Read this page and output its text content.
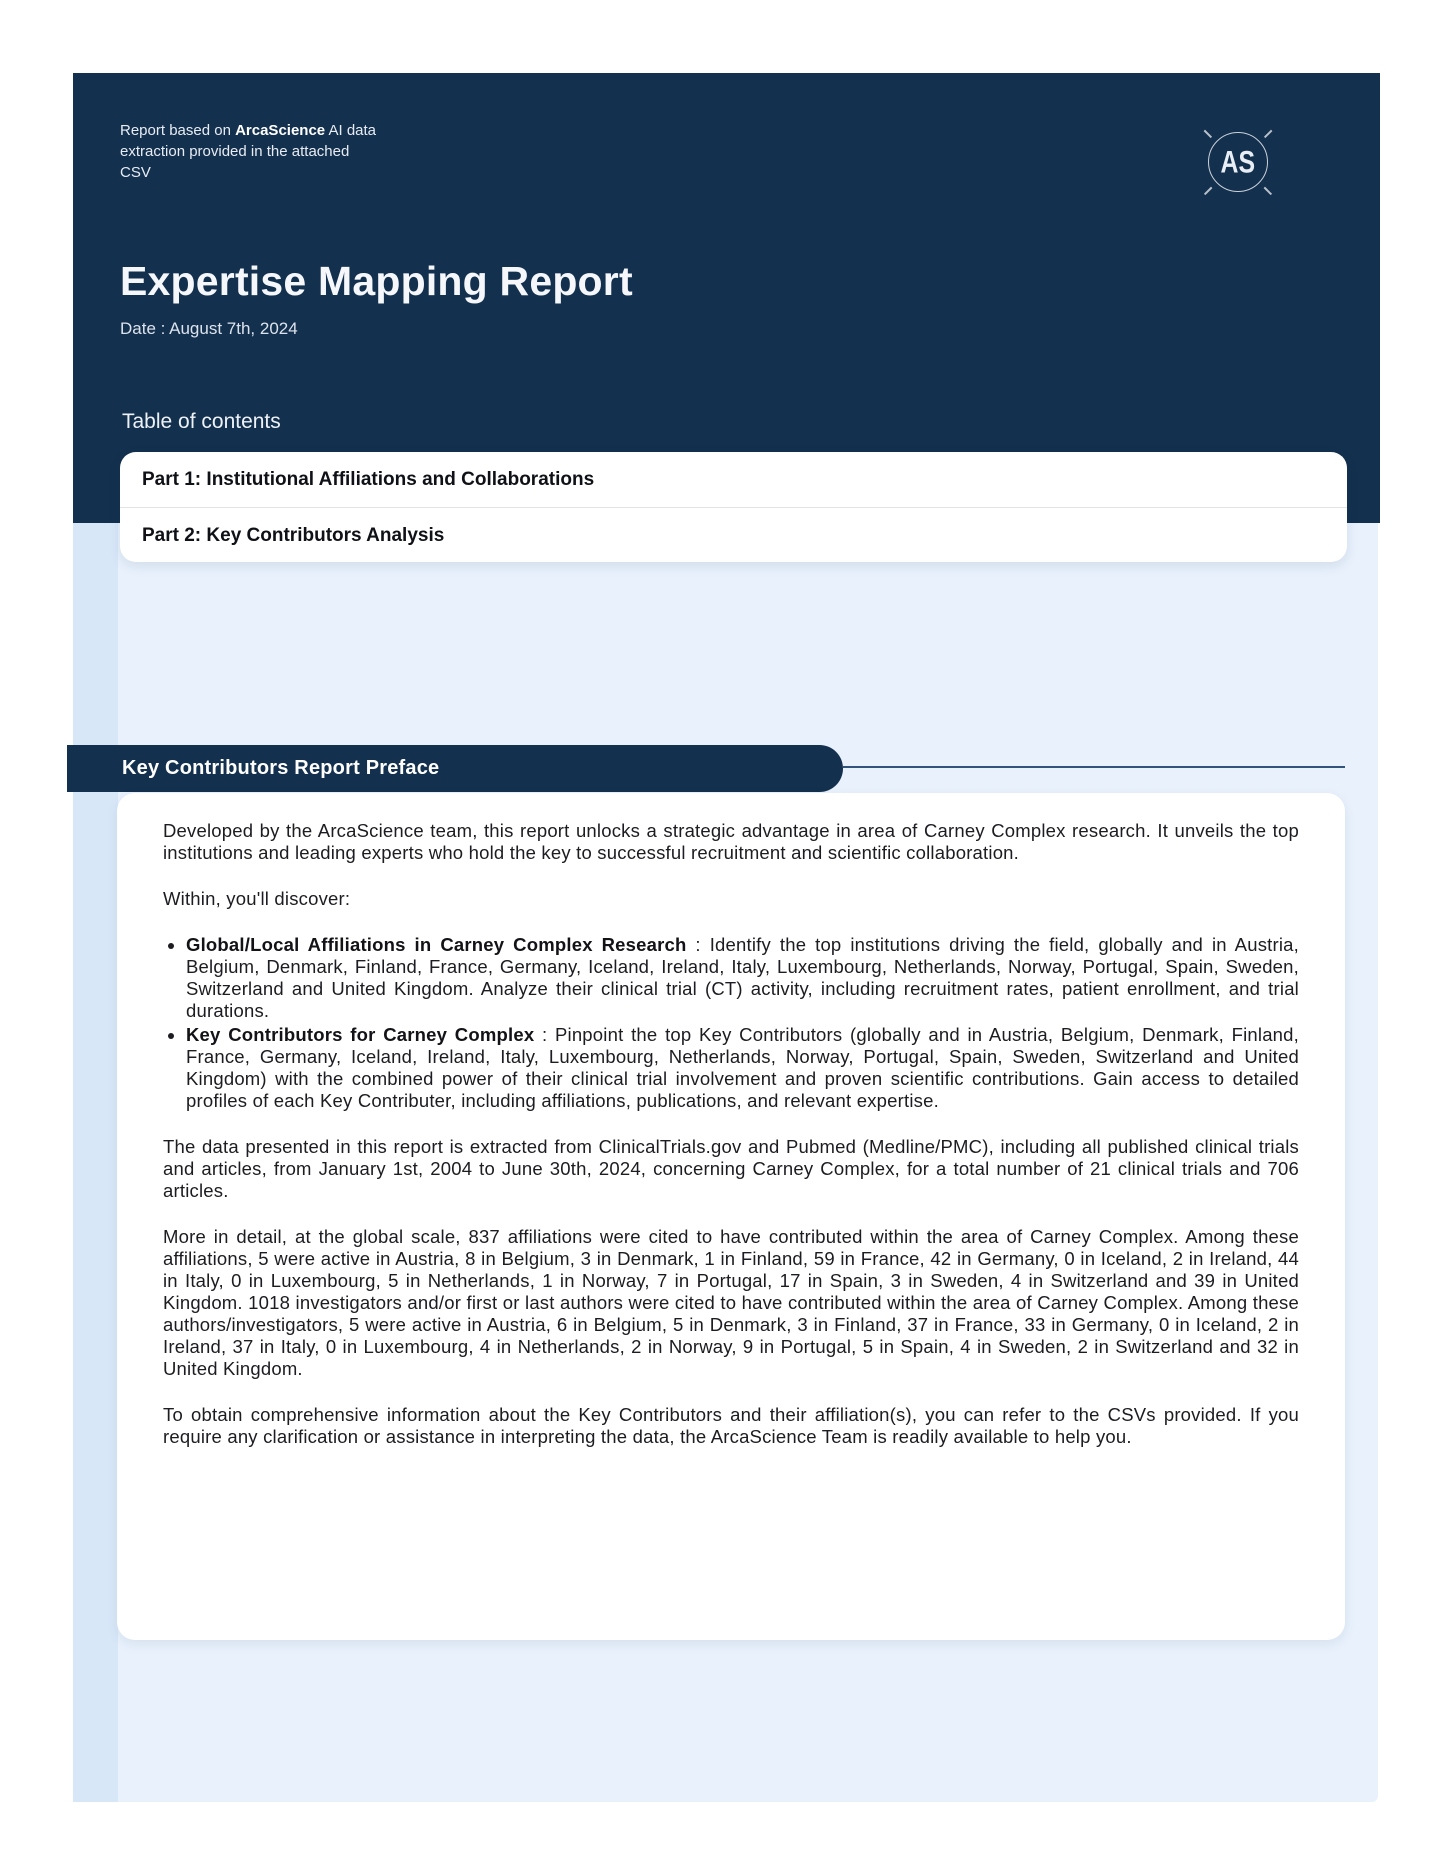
Report based on ArcaScience AI data extraction provided in the attached CSV	AS
Expertise Mapping Report
Date : August 7th, 2024
Table of contents
Part 1: Institutional Affiliations and Collaborations
Part 2: Key Contributors Analysis
Key Contributors Report Preface

Developed by the ArcaScience team, this report unlocks a strategic advantage in area of Carney Complex research. It unveils the top institutions and leading experts who hold the key to successful recruitment and scientific collaboration.

Within, you'll discover:

• Global/Local Affiliations in Carney Complex Research : Identify the top institutions driving the field, globally and in Austria, Belgium, Denmark, Finland, France, Germany, Iceland, Ireland, Italy, Luxembourg, Netherlands, Norway, Portugal, Spain, Sweden, Switzerland and United Kingdom. Analyze their clinical trial (CT) activity, including recruitment rates, patient enrollment, and trial durations.
• Key Contributors for Carney Complex : Pinpoint the top Key Contributors (globally and in Austria, Belgium, Denmark, Finland, France, Germany, Iceland, Ireland, Italy, Luxembourg, Netherlands, Norway, Portugal, Spain, Sweden, Switzerland and United Kingdom) with the combined power of their clinical trial involvement and proven scientific contributions. Gain access to detailed profiles of each Key Contributer, including affiliations, publications, and relevant expertise.

The data presented in this report is extracted from ClinicalTrials.gov and Pubmed (Medline/PMC), including all published clinical trials and articles, from January 1st, 2004 to June 30th, 2024, concerning Carney Complex, for a total number of 21 clinical trials and 706 articles.

More in detail, at the global scale, 837 affiliations were cited to have contributed within the area of Carney Complex. Among these affiliations, 5 were active in Austria, 8 in Belgium, 3 in Denmark, 1 in Finland, 59 in France, 42 in Germany, 0 in Iceland, 2 in Ireland, 44 in Italy, 0 in Luxembourg, 5 in Netherlands, 1 in Norway, 7 in Portugal, 17 in Spain, 3 in Sweden, 4 in Switzerland and 39 in United Kingdom. 1018 investigators and/or first or last authors were cited to have contributed within the area of Carney Complex. Among these authors/investigators, 5 were active in Austria, 6 in Belgium, 5 in Denmark, 3 in Finland, 37 in France, 33 in Germany, 0 in Iceland, 2 in Ireland, 37 in Italy, 0 in Luxembourg, 4 in Netherlands, 2 in Norway, 9 in Portugal, 5 in Spain, 4 in Sweden, 2 in Switzerland and 32 in United Kingdom.

To obtain comprehensive information about the Key Contributors and their affiliation(s), you can refer to the CSVs provided. If you require any clarification or assistance in interpreting the data, the ArcaScience Team is readily available to help you.
